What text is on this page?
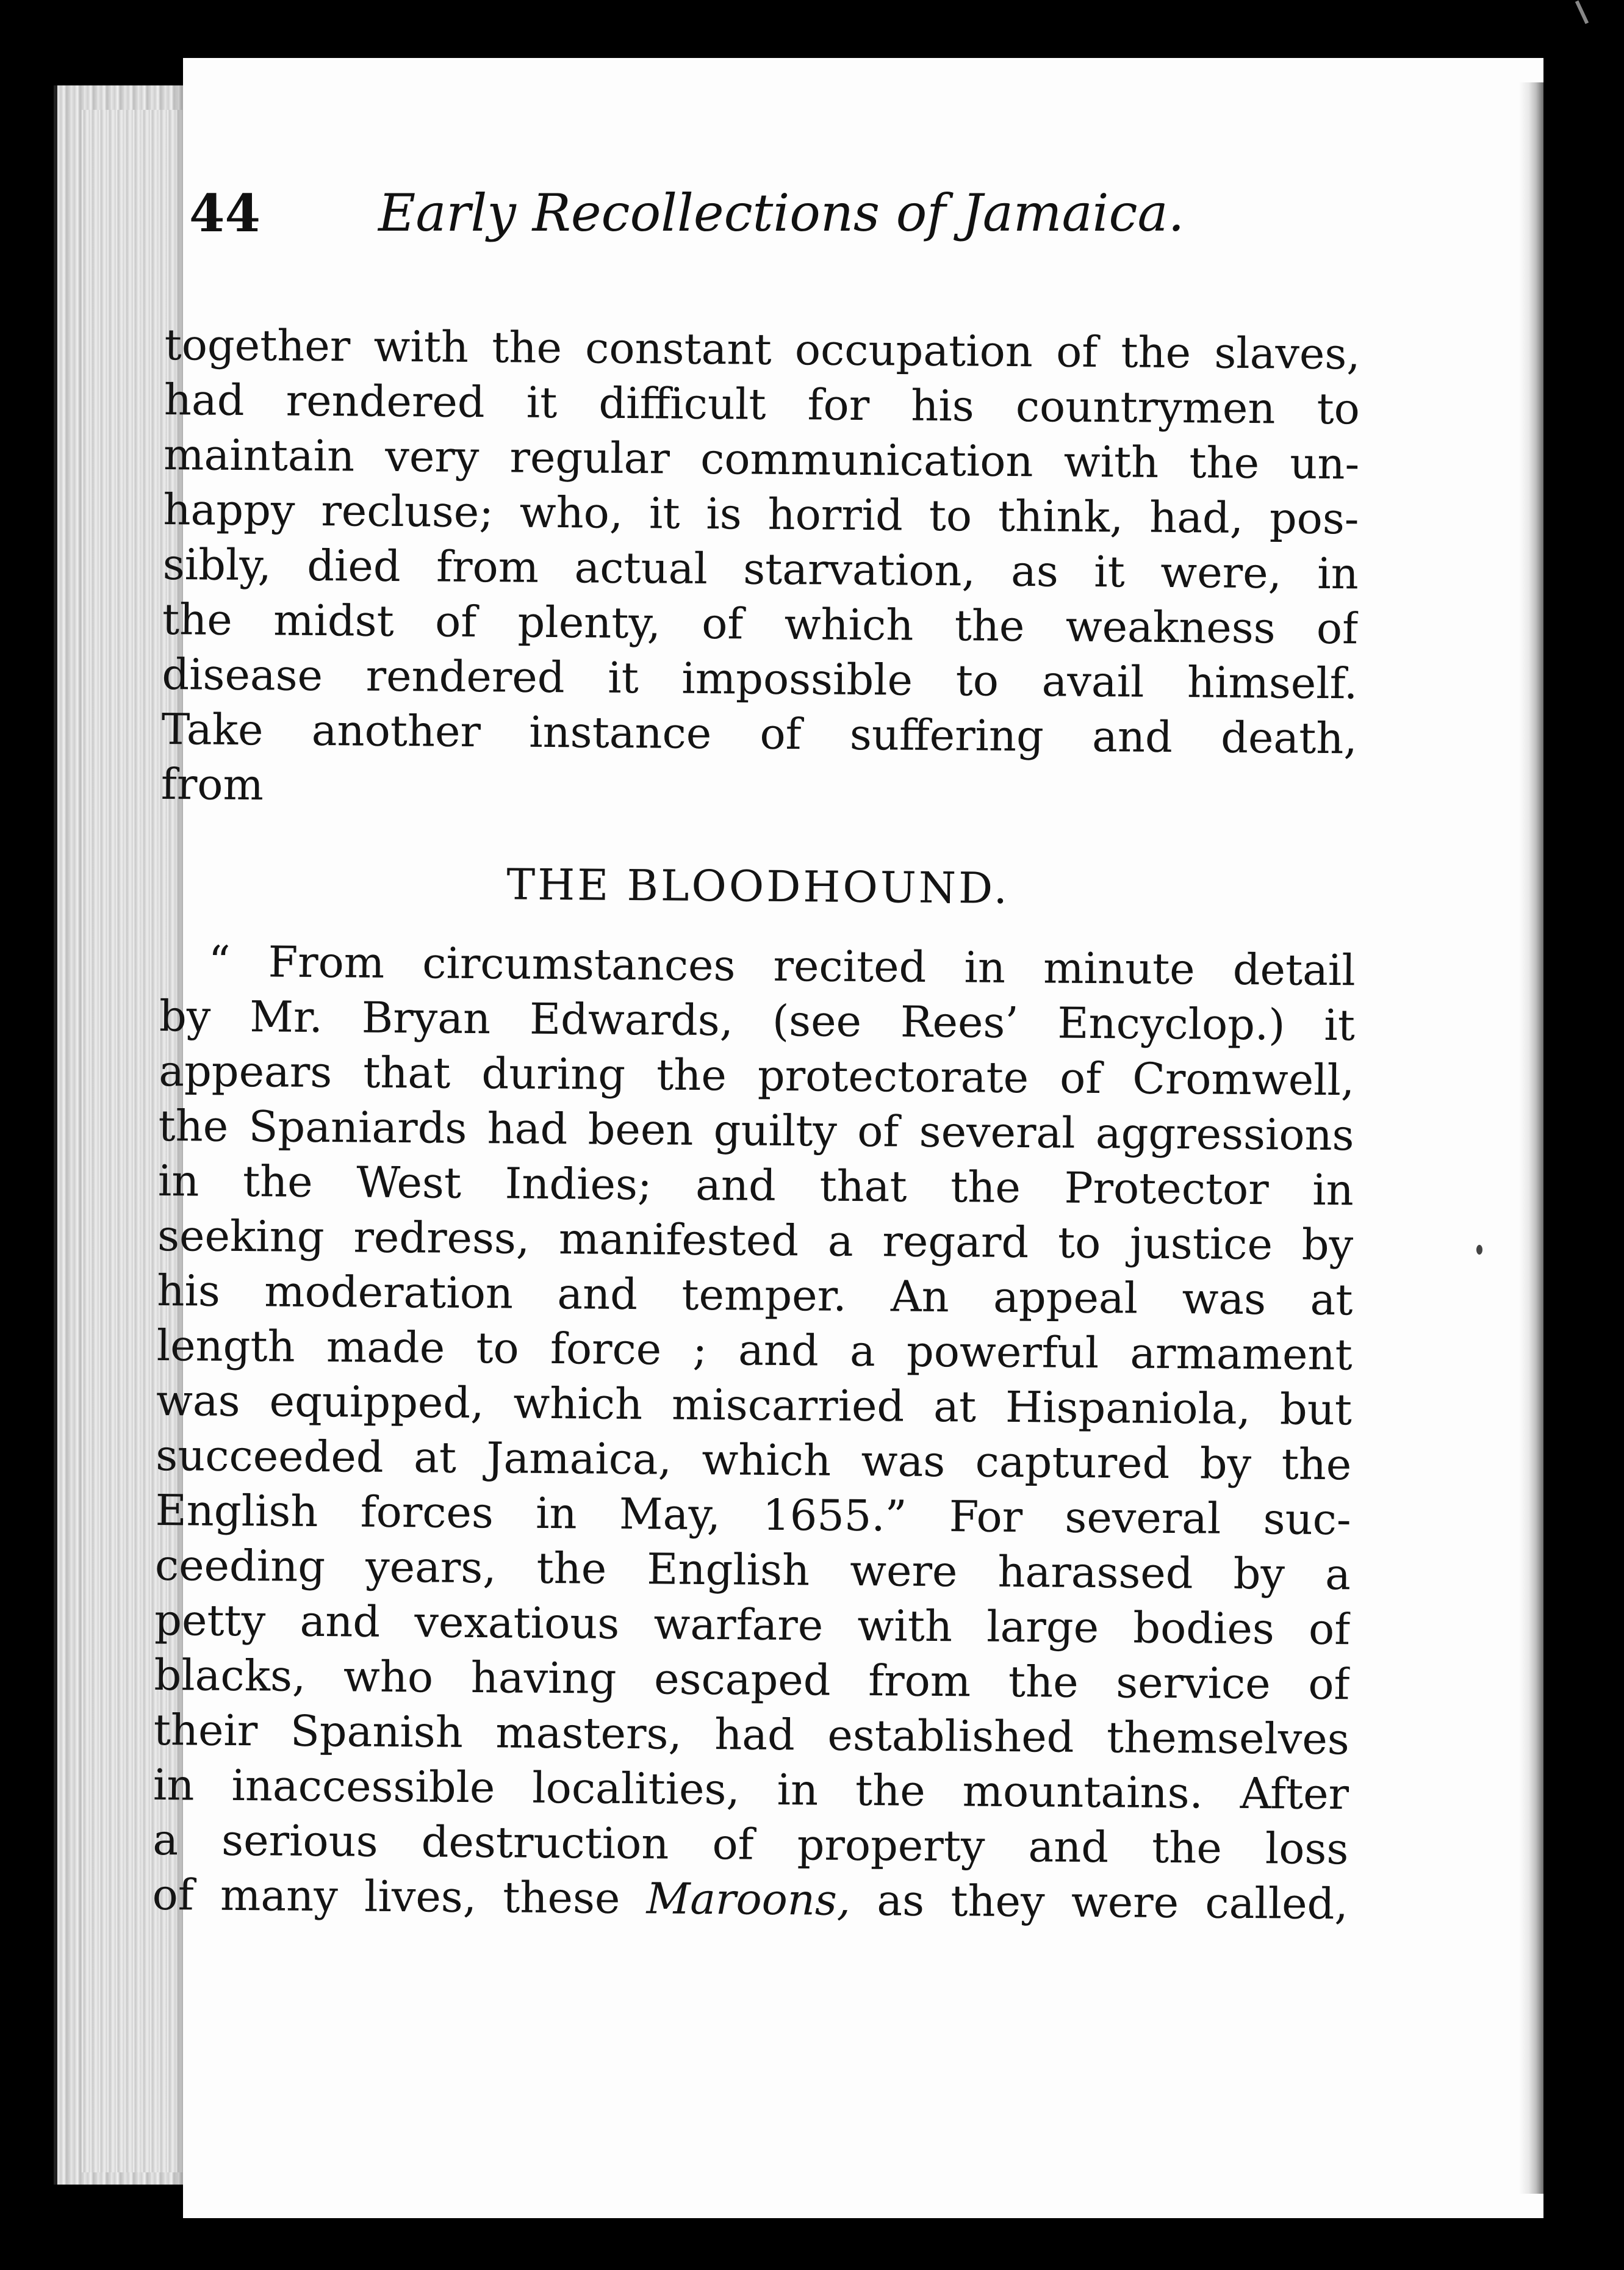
44 Early Recollections of Jamaica.
together with the constant occupation of the slaves,
had rendered it difficult for his countrymen to
maintain very regular communication with the un-
happy recluse; who, it is horrid to think, had, pos-
sibly, died from actual starvation, as it were, in
the midst of plenty, of which the weakness of
disease rendered it impossible to avail himself.
Take another instance of suffering and death,
from
THE BLOODHOUND.
“ From circumstances recited in minute detail
by Mr. Bryan Edwards, (see Rees’ Encyclop.) it
appears that during the protectorate of Cromwell,
the Spaniards had been guilty of several aggressions
in the West Indies; and that the Protector in
seeking redress, manifested a regard to justice by
his moderation and temper. An appeal was at
length made to force ; and a powerful armament
was equipped, which miscarried at Hispaniola, but
succeeded at Jamaica, which was captured by the
English forces in May, 1655.” For several suc-
ceeding years, the English were harassed by a
petty and vexatious warfare with large bodies of
blacks, who having escaped from the service of
their Spanish masters, had established themselves
in inaccessible localities, in the mountains. After
a serious destruction of property and the loss
of many lives, these Maroons, as they were called,
